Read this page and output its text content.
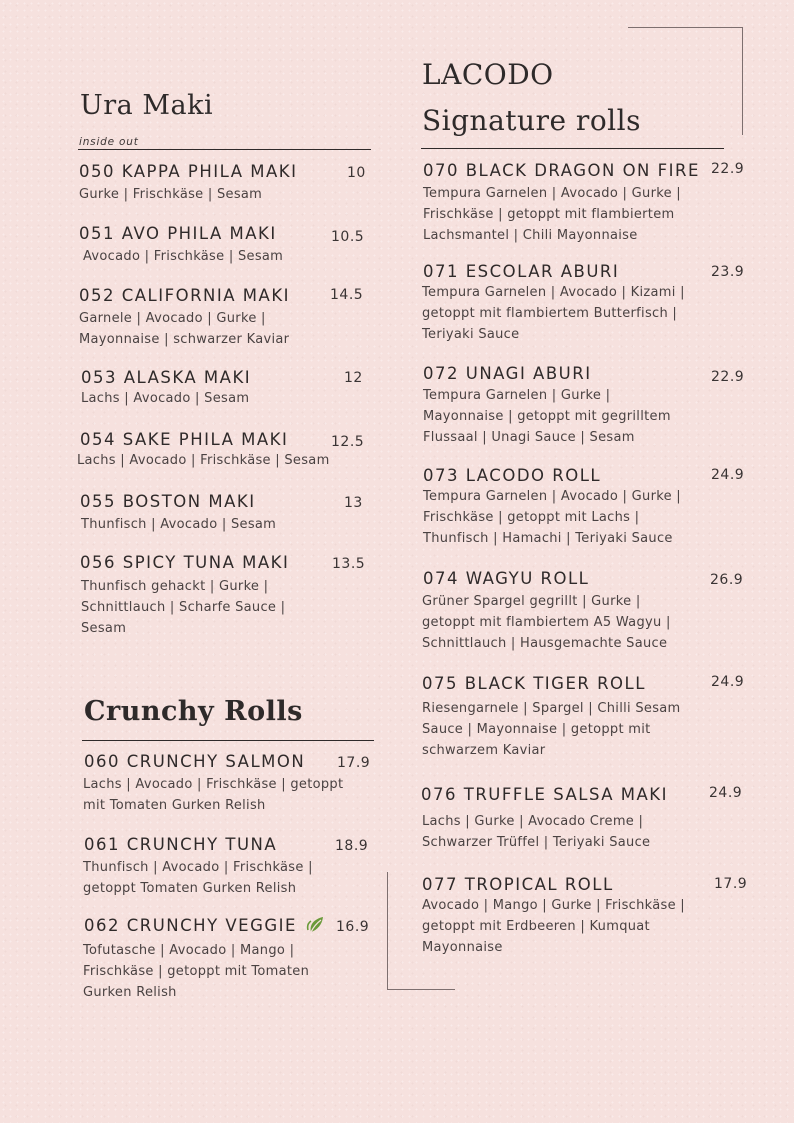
Ura Maki
inside out
050 KAPPA PHILA MAKI	10
Gurke | Frischkäse | Sesam
051 AVO PHILA MAKI	10.5
Avocado | Frischkäse | Sesam
052 CALIFORNIA MAKI	14.5
Garnele | Avocado | Gurke | Mayonnaise | schwarzer Kaviar
053 ALASKA MAKI	12
Lachs | Avocado | Sesam
054 SAKE PHILA MAKI	12.5
Lachs | Avocado | Frischkäse | Sesam
055 BOSTON MAKI	13
Thunfisch | Avocado | Sesam
056 SPICY TUNA MAKI	13.5
Thunfisch gehackt | Gurke | Schnittlauch | Scharfe Sauce | Sesam
Crunchy Rolls
060 CRUNCHY SALMON 17.9
Lachs | Avocado | Frischkäse | getoppt mit Tomaten Gurken Relish
061 CRUNCHY TUNA	18.9
Thunfisch | Avocado | Frischkäse | getoppt Tomaten Gurken Relish
062 CRUNCHY VEGGIE	16.9
Tofutasche | Avocado | Mango | Frischkäse | getoppt mit Tomaten Gurken Relish
LACODO
Signature rolls
070 BLACK DRAGON ON FIRE 22.9
Tempura Garnelen | Avocado | Gurke | Frischkäse | getoppt mit flambiertem Lachsmantel | Chili Mayonnaise
071 ESCOLAR ABURI	23.9
Tempura Garnelen | Avocado | Kizami | getoppt mit flambiertem Butterfisch | Teriyaki Sauce
072 UNAGI ABURI	22.9
Tempura Garnelen | Gurke | Mayonnaise | getoppt mit gegrilltem Flussaal | Unagi Sauce | Sesam
073 LACODO ROLL	24.9
Tempura Garnelen | Avocado | Gurke | Frischkäse | getoppt mit Lachs | Thunfisch | Hamachi | Teriyaki Sauce
074 WAGYU ROLL	26.9
Grüner Spargel gegrillt | Gurke | getoppt mit flambiertem A5 Wagyu | Schnittlauch | Hausgemachte Sauce
075 BLACK TIGER ROLL	24.9
Riesengarnele | Spargel | Chilli Sesam Sauce | Mayonnaise | getoppt mit schwarzem Kaviar
076 TRUFFLE SALSA MAKI	24.9
Lachs | Gurke | Avocado Creme | Schwarzer Trüffel | Teriyaki Sauce
077 TROPICAL ROLL	17.9
Avocado | Mango | Gurke | Frischkäse | getoppt mit Erdbeeren | Kumquat Mayonnaise
